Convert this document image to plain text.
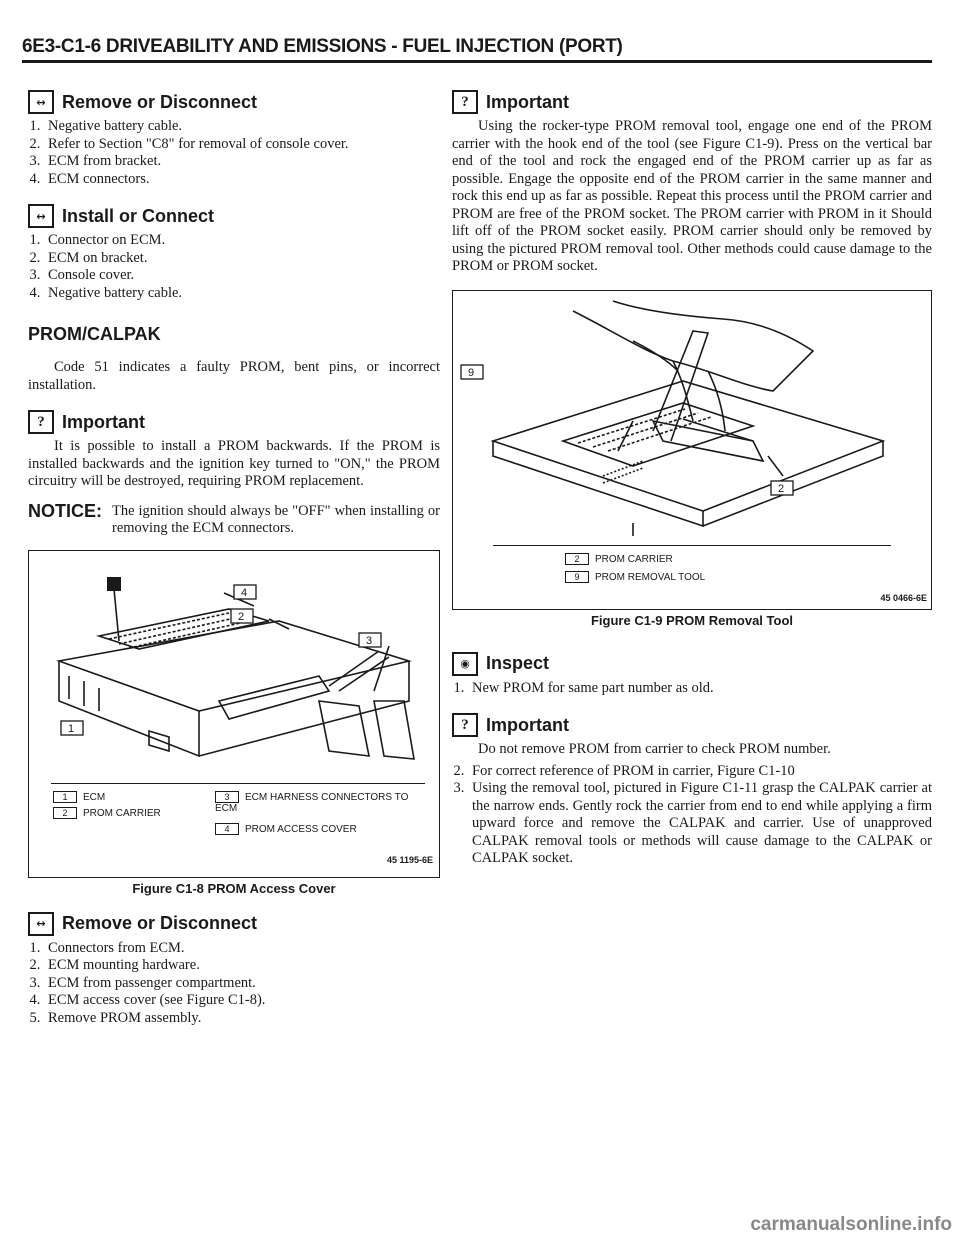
6E3-C1-6 DRIVEABILITY AND EMISSIONS - FUEL INJECTION (PORT)
↔ Remove or Disconnect
1. Negative battery cable.
2. Refer to Section "C8" for removal of console cover.
3. ECM from bracket.
4. ECM connectors.
↔ Install or Connect
1. Connector on ECM.
2. ECM on bracket.
3. Console cover.
4. Negative battery cable.
PROM/CALPAK
Code 51 indicates a faulty PROM, bent pins, or incorrect installation.
? Important
It is possible to install a PROM backwards. If the PROM is installed backwards and the ignition key turned to "ON," the PROM circuitry will be destroyed, requiring PROM replacement.
NOTICE: The ignition should always be "OFF" when installing or removing the ECM connectors.
4
2
3
1
1 ECM
2 PROM CARRIER
3 ECM HARNESS CONNECTORS TO ECM
4 PROM ACCESS COVER
45 1195-6E
Figure C1-8 PROM Access Cover
↔ Remove or Disconnect
1. Connectors from ECM.
2. ECM mounting hardware.
3. ECM from passenger compartment.
4. ECM access cover (see Figure C1-8).
5. Remove PROM assembly.
? Important
Using the rocker-type PROM removal tool, engage one end of the PROM carrier with the hook end of the tool (see Figure C1-9). Press on the vertical bar end of the tool and rock the engaged end of the PROM carrier up as far as possible. Engage the opposite end of the PROM carrier in the same manner and rock this end up as far as possible. Repeat this process until the PROM carrier and PROM are free of the PROM socket. The PROM carrier with PROM in it Should lift off of the PROM socket easily. PROM carrier should only be removed by using the pictured PROM removal tool. Other methods could cause damage to the PROM or PROM socket.
9
2
2 PROM CARRIER
9 PROM REMOVAL TOOL
45 0466-6E
Figure C1-9 PROM Removal Tool
◉ Inspect
1. New PROM for same part number as old.
? Important
Do not remove PROM from carrier to check PROM number.
2. For correct reference of PROM in carrier, Figure C1-10
3. Using the removal tool, pictured in Figure C1-11 grasp the CALPAK carrier at the narrow ends. Gently rock the carrier from end to end while applying a firm upward force and remove the CALPAK and carrier. Use of unapproved CALPAK removal tools or methods will cause damage to the CALPAK or CALPAK socket.
carmanualsonline.info
